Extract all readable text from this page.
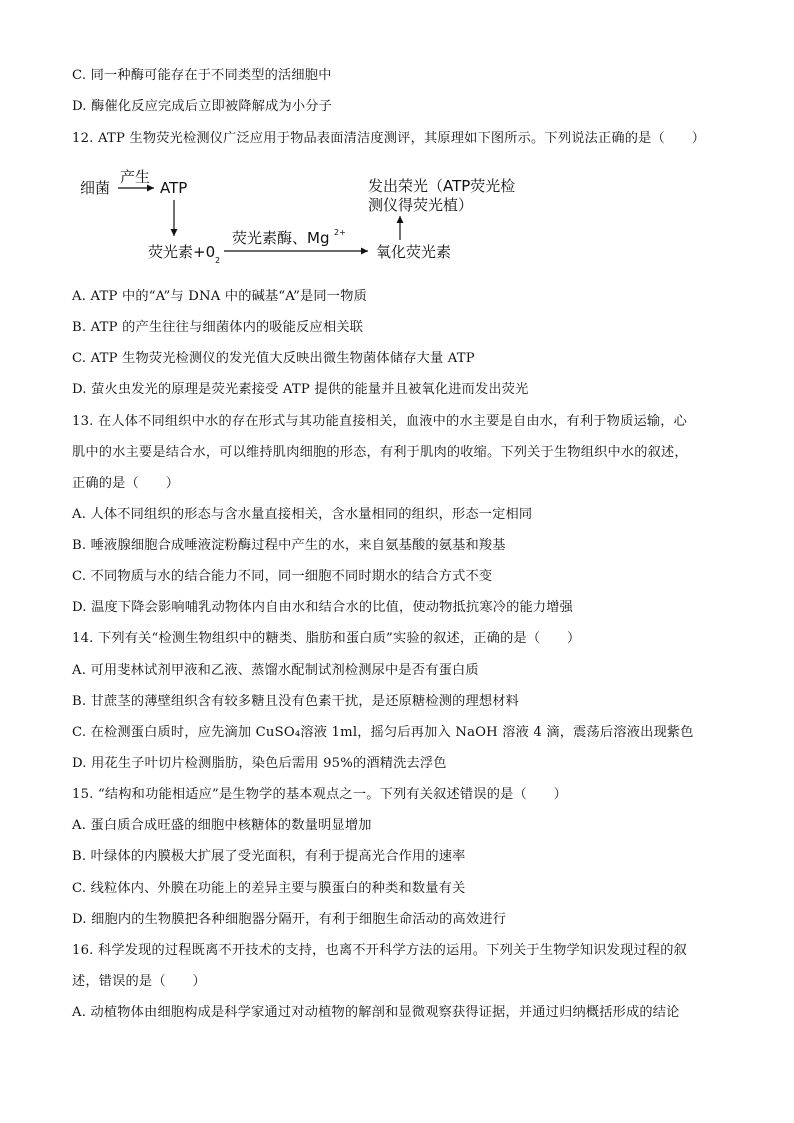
C. 同一种酶可能存在于不同类型的活细胞中
D. 酶催化反应完成后立即被降解成为小分子
12. ATP 生物荧光检测仪广泛应用于物品表面清洁度测评，其原理如下图所示。下列说法正确的是（　　）
细菌
产生
ATP
荧光素+0 2
荧光素酶、Mg 2+
氧化荧光素
发出荣光（ATP荧光检
测仪得荧光植）
A. ATP 中的“A”与 DNA 中的碱基“A”是同一物质
B. ATP 的产生往往与细菌体内的吸能反应相关联
C. ATP 生物荧光检测仪的发光值大反映出微生物菌体储存大量 ATP
D. 萤火虫发光的原理是荧光素接受 ATP 提供的能量并且被氧化进而发出荧光
13. 在人体不同组织中水的存在形式与其功能直接相关，血液中的水主要是自由水，有利于物质运输，心
肌中的水主要是结合水，可以维持肌肉细胞的形态，有利于肌肉的收缩。下列关于生物组织中水的叙述，
正确的是（　　）
A. 人体不同组织的形态与含水量直接相关，含水量相同的组织，形态一定相同
B. 唾液腺细胞合成唾液淀粉酶过程中产生的水，来自氨基酸的氨基和羧基
C. 不同物质与水的结合能力不同，同一细胞不同时期水的结合方式不变
D. 温度下降会影响哺乳动物体内自由水和结合水的比值，使动物抵抗寒冷的能力增强
14. 下列有关“检测生物组织中的糖类、脂肪和蛋白质”实验的叙述，正确的是（　　）
A. 可用斐林试剂甲液和乙液、蒸馏水配制试剂检测尿中是否有蛋白质
B. 甘蔗茎的薄壁组织含有较多糖且没有色素干扰，是还原糖检测的理想材料
C. 在检测蛋白质时，应先滴加 CuSO₄溶液 1ml，摇匀后再加入 NaOH 溶液 4 滴，震荡后溶液出现紫色
D. 用花生子叶切片检测脂肪，染色后需用 95%的酒精洗去浮色
15. “结构和功能相适应”是生物学的基本观点之一。下列有关叙述错误的是（　　）
A. 蛋白质合成旺盛的细胞中核糖体的数量明显增加
B. 叶绿体的内膜极大扩展了受光面积，有利于提高光合作用的速率
C. 线粒体内、外膜在功能上的差异主要与膜蛋白的种类和数量有关
D. 细胞内的生物膜把各种细胞器分隔开，有利于细胞生命活动的高效进行
16. 科学发现的过程既离不开技术的支持，也离不开科学方法的运用。下列关于生物学知识发现过程的叙
述，错误的是（　　）
A. 动植物体由细胞构成是科学家通过对动植物的解剖和显微观察获得证据，并通过归纳概括形成的结论
